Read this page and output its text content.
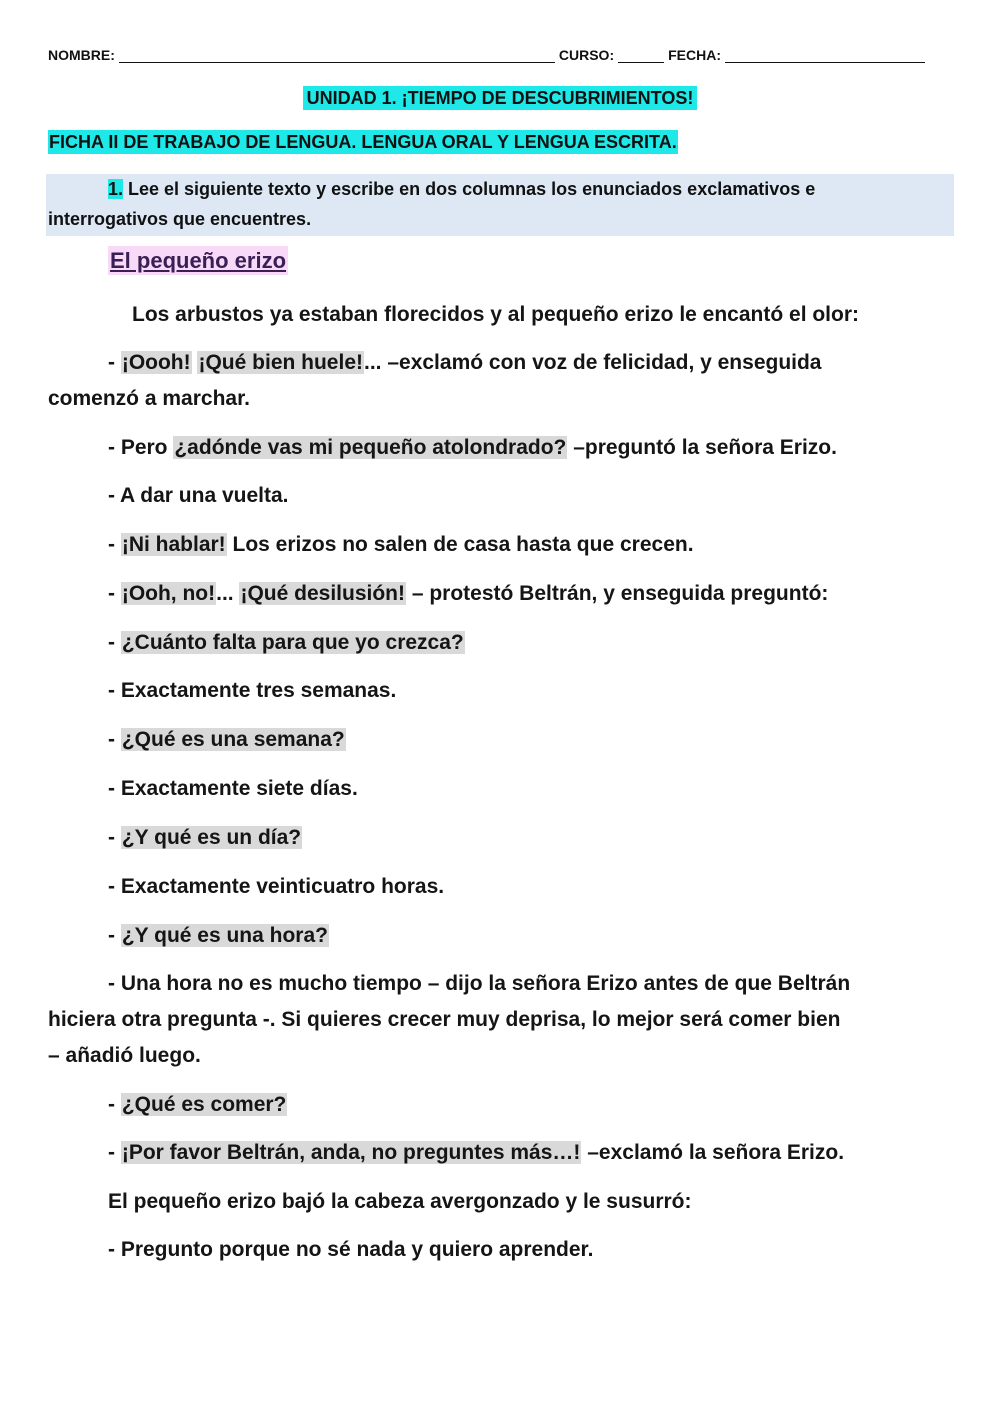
NOMBRE:	CURSO:	FECHA:
UNIDAD 1. ¡TIEMPO DE DESCUBRIMIENTOS!
FICHA II DE TRABAJO DE LENGUA. LENGUA ORAL Y LENGUA ESCRITA.
1. Lee el siguiente texto y escribe en dos columnas los enunciados exclamativos e
interrogativos que encuentres.
El pequeño erizo
Los arbustos ya estaban florecidos y al pequeño erizo le encantó el olor:
- ¡Oooh! ¡Qué bien huele!... –exclamó con voz de felicidad, y enseguida
comenzó a marchar.
- Pero ¿adónde vas mi pequeño atolondrado? –preguntó la señora Erizo.
- A dar una vuelta.
- ¡Ni hablar! Los erizos no salen de casa hasta que crecen.
- ¡Ooh, no!... ¡Qué desilusión! – protestó Beltrán, y enseguida preguntó:
- ¿Cuánto falta para que yo crezca?
- Exactamente tres semanas.
- ¿Qué es una semana?
- Exactamente siete días.
- ¿Y qué es un día?
- Exactamente veinticuatro horas.
- ¿Y qué es una hora?
- Una hora no es mucho tiempo – dijo la señora Erizo antes de que Beltrán
hiciera otra pregunta -. Si quieres crecer muy deprisa, lo mejor será comer bien
– añadió luego.
- ¿Qué es comer?
- ¡Por favor Beltrán, anda, no preguntes más…! –exclamó la señora Erizo.
El pequeño erizo bajó la cabeza avergonzado y le susurró:
- Pregunto porque no sé nada y quiero aprender.
